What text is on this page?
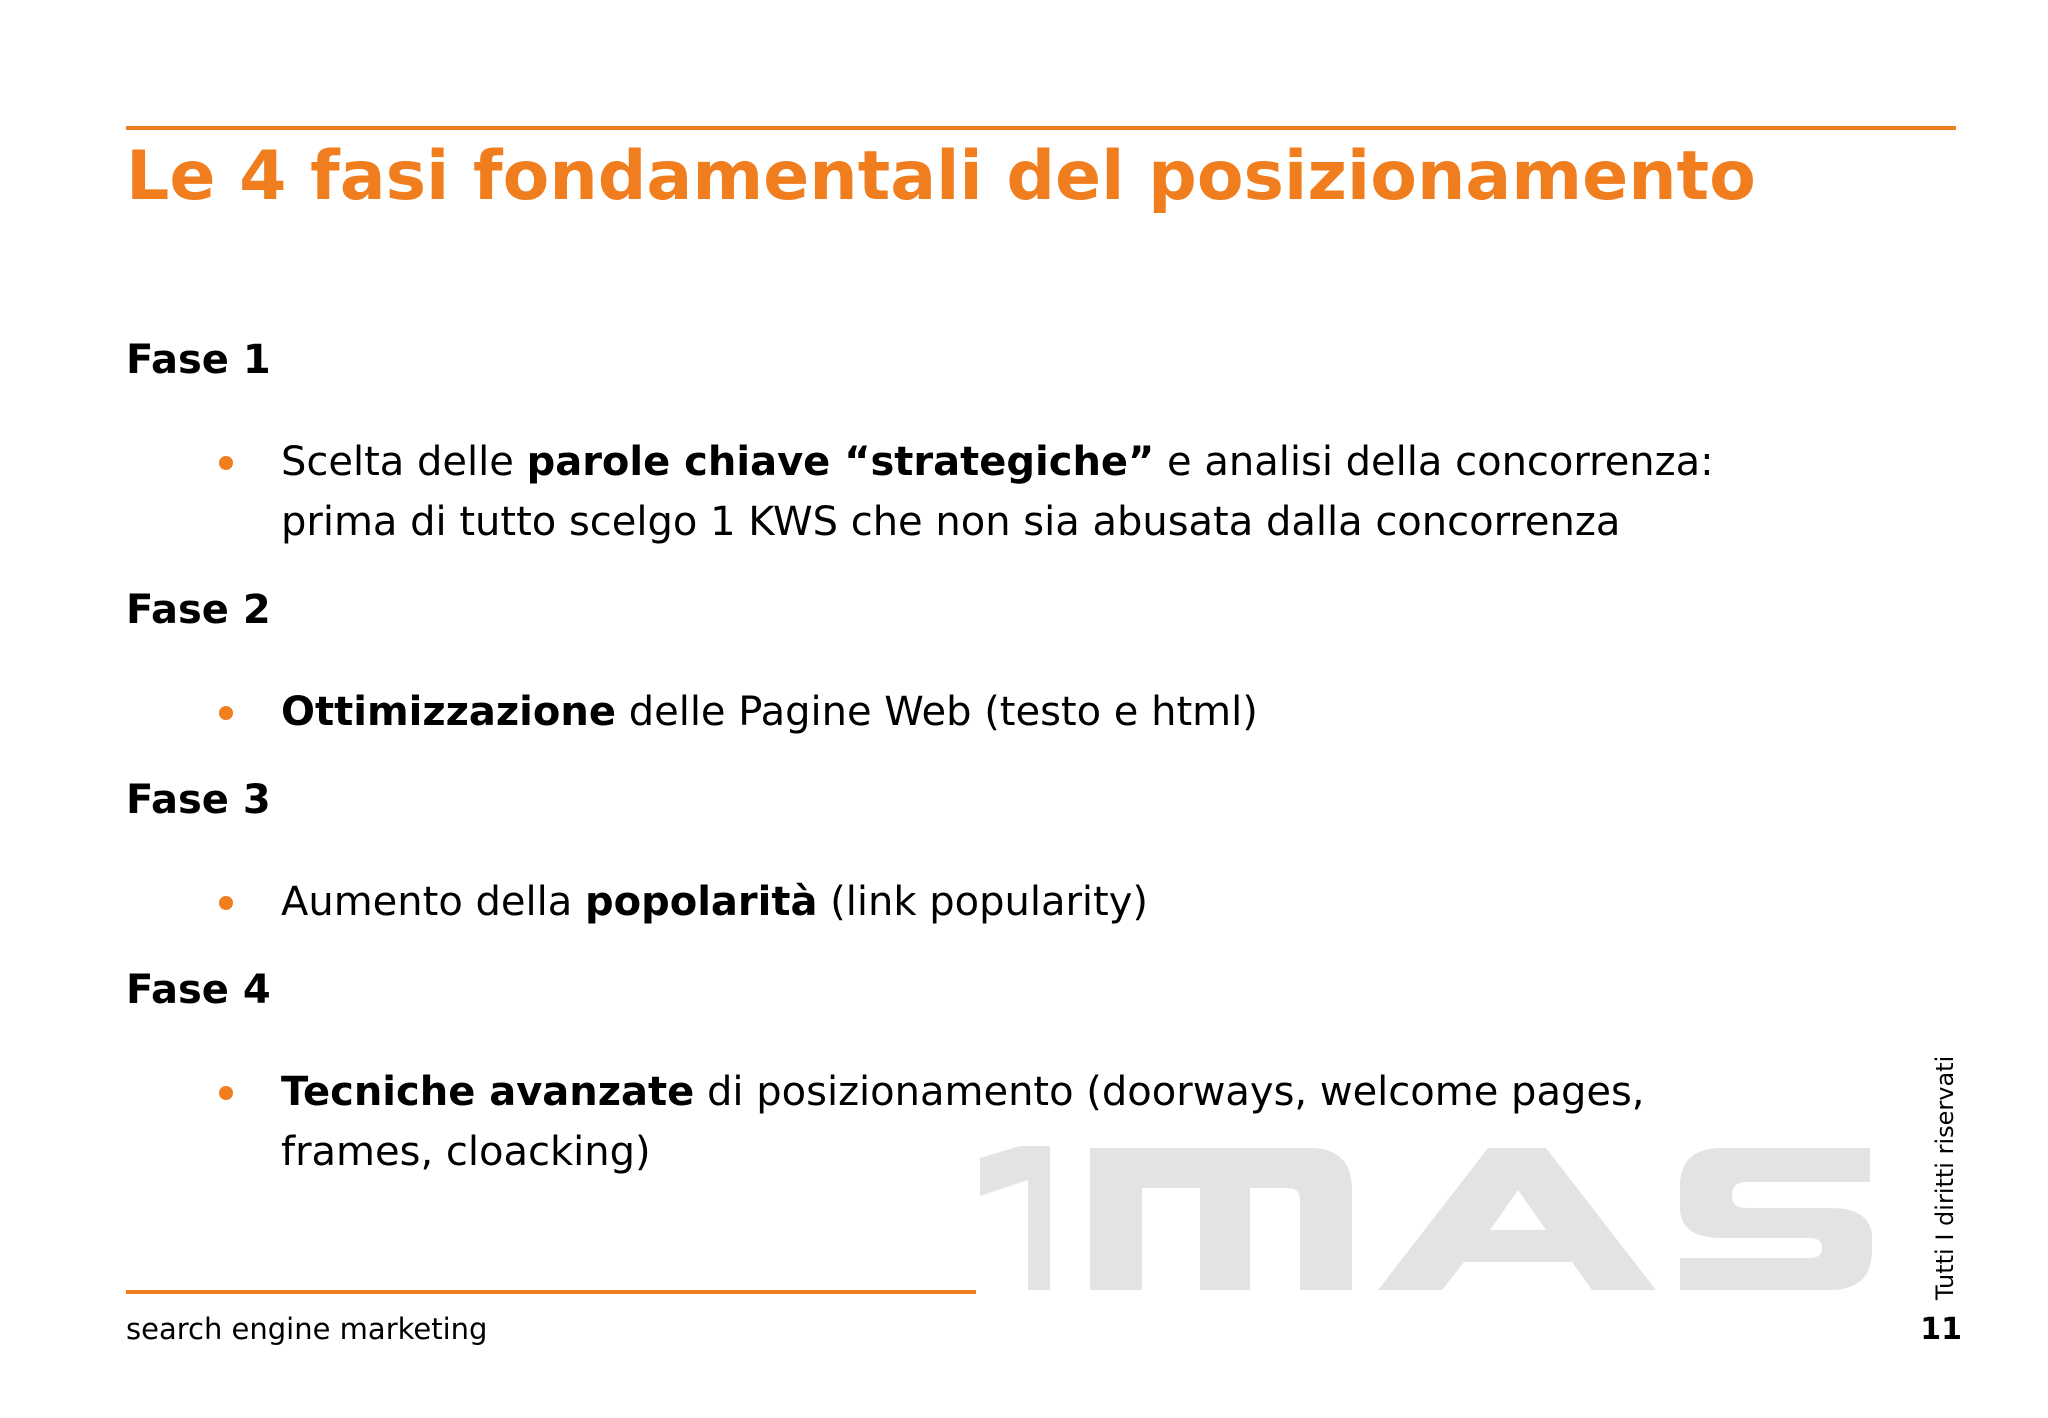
Le 4 fasi fondamentali del posizionamento

Fase 1

Scelta delle parole chiave “strategiche” e analisi della concorrenza: prima di tutto scelgo 1 KWS che non sia abusata dalla concorrenza

Fase 2

Ottimizzazione delle Pagine Web (testo e html)

Fase 3

Aumento della popolarità (link popularity)

Fase 4

Tecniche avanzate di posizionamento (doorways, welcome pages, frames, cloacking)
search engine marketing
Tutti I diritti riservati
11
